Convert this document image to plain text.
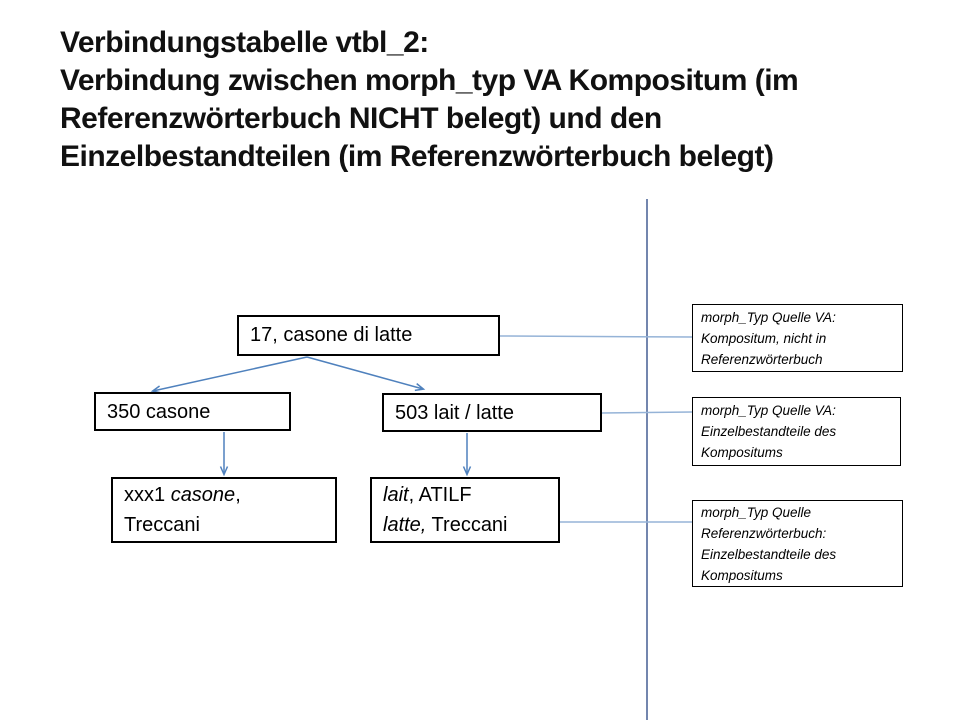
Verbindungstabelle vtbl_2:
Verbindung zwischen morph_typ VA Kompositum (im
Referenzwörterbuch NICHT belegt) und den
Einzelbestandteilen (im Referenzwörterbuch belegt)
17, casone di latte
350 casone	503 lait / latte
xxx1 casone,
Treccani
lait, ATILF
latte, Treccani
morph_Typ Quelle VA:
Kompositum, nicht in
Referenzwörterbuch
morph_Typ Quelle VA:
Einzelbestandteile des
Kompositums
morph_Typ Quelle
Referenzwörterbuch:
Einzelbestandteile des
Kompositums
